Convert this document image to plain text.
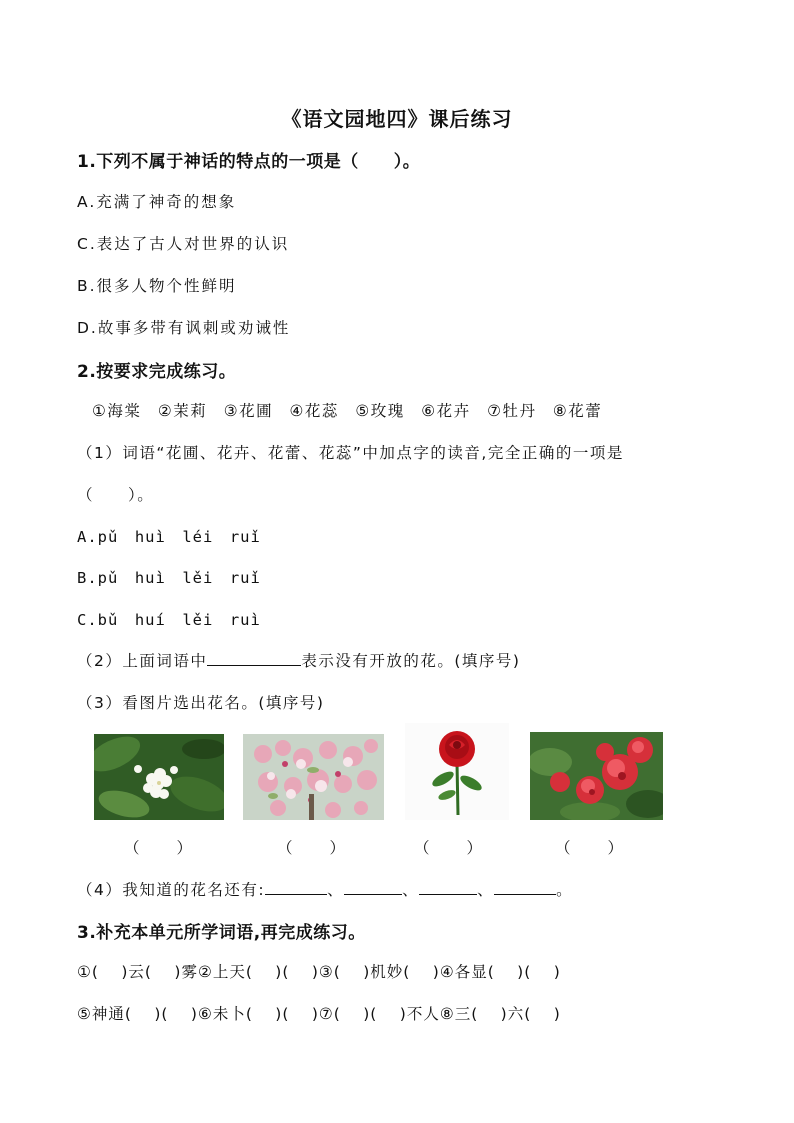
《语文园地四》课后练习
1.下列不属于神话的特点的一项是（　　）。
A.充满了神奇的想象
C.表达了古人对世界的认识
B.很多人物个性鲜明
D.故事多带有讽刺或劝诫性
2.按要求完成练习。
①海棠 ②茉莉 ③花圃 ④花蕊 ⑤玫瑰 ⑥花卉 ⑦牡丹 ⑧花蕾
（1）词语“花圃、花卉、花蕾、花蕊”中加点字的读音,完全正确的一项是
（　　）。
A.pǔ　huì　léi　ruǐ
B.pǔ　huì　lěi　ruǐ
C.bǔ　huí　lěi　ruì
（2）上面词语中	表示没有开放的花。(填序号)
（3）看图片选出花名。(填序号)
（　　）	（　　）	（　　）	（　　）
（4）我知道的花名还有:	、	、	、	。
3.补充本单元所学词语,再完成练习。
①(　 )云(　 )雾②上天(　 )(　 )③(　 )机妙(　 )④各显(　 )(　 )
⑤神通(　 )(　 )⑥未卜(　 )(　 )⑦(　 )(　 )不人⑧三(　 )六(　 )
